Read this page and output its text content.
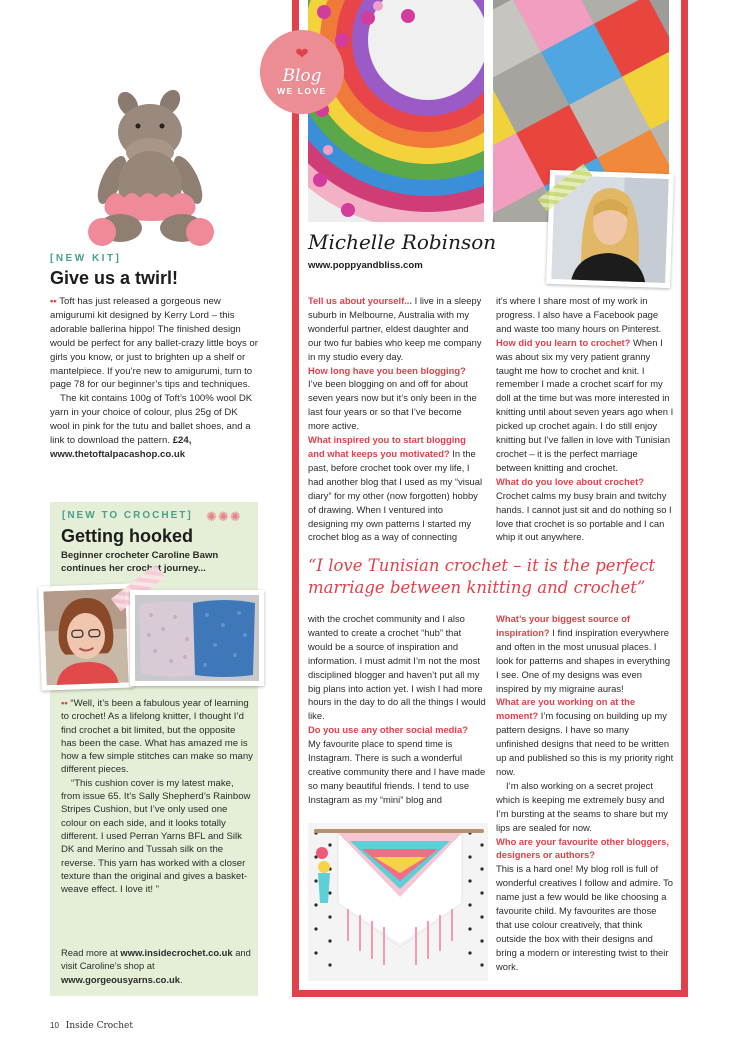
[NEW KIT]
Give us a twirl!

•• Toft has just released a gorgeous new amigurumi kit designed by Kerry Lord – this adorable ballerina hippo! The finished design would be perfect for any ballet-crazy little boys or girls you know, or just to brighten up a shelf or mantelpiece. If you’re new to amigurumi, turn to page 78 for our beginner’s tips and techniques.

The kit contains 100g of Toft’s 100% wool DK yarn in your choice of colour, plus 25g of DK wool in pink for the tutu and ballet shoes, and a link to download the pattern. £24, www.thetoftalpacashop.co.uk

[NEW TO CROCHET] ✺✺✺
Getting hooked
Beginner crocheter Caroline Bawn continues her crochet journey...

•• “Well, it’s been a fabulous year of learning to crochet! As a lifelong knitter, I thought I’d find crochet a bit limited, but the opposite has been the case. What has amazed me is how a few simple stitches can make so many different pieces.

“This cushion cover is my latest make, from issue 65. It’s Sally Shepherd’s Rainbow Stripes Cushion, but I’ve only used one colour on each side, and it looks totally different. I used Perran Yarns BFL and Silk DK and Merino and Tussah silk on the reverse. This yarn has worked with a closer texture than the original and gives a basket-weave effect. I love it! ”

Read more at www.insidecrochet.co.uk and visit Caroline’s shop at www.gorgeousyarns.co.uk.
❤
Blog
WE LOVE
Michelle Robinson
www.poppyandbliss.com

Tell us about yourself... I live in a sleepy suburb in Melbourne, Australia with my wonderful partner, eldest daughter and our two fur babies who keep me company in my studio every day.

How long have you been blogging?

I’ve been blogging on and off for about seven years now but it’s only been in the last four years or so that I’ve become more active.

What inspired you to start blogging and what keeps you motivated? In the past, before crochet took over my life, I had another blog that I used as my “visual diary” for my other (now forgotten) hobby of drawing. When I ventured into designing my own patterns I started my crochet blog as a way of connecting

it’s where I share most of my work in progress. I also have a Facebook page and waste too many hours on Pinterest.

How did you learn to crochet? When I was about six my very patient granny taught me how to crochet and knit. I remember I made a crochet scarf for my doll at the time but was more interested in knitting until about seven years ago when I picked up crochet again. I do still enjoy knitting but I’ve fallen in love with Tunisian crochet – it is the perfect marriage between knitting and crochet.

What do you love about crochet?

Crochet calms my busy brain and twitchy hands. I cannot just sit and do nothing so I love that crochet is so portable and I can whip it out anywhere.

“I love Tunisian crochet – it is the perfect marriage between knitting and crochet”

with the crochet community and I also wanted to create a crochet “hub” that would be a source of inspiration and information. I must admit I’m not the most disciplined blogger and haven’t put all my big plans into action yet. I wish I had more hours in the day to do all the things I would like.

Do you use any other social media?

My favourite place to spend time is Instagram. There is such a wonderful creative community there and I have made so many beautiful friends. I tend to use Instagram as my “mini” blog and

What’s your biggest source of inspiration? I find inspiration everywhere and often in the most unusual places. I look for patterns and shapes in everything I see. One of my designs was even inspired by my migraine auras!

What are you working on at the moment? I’m focusing on building up my pattern designs. I have so many unfinished designs that need to be written up and published so this is my priority right now.

I’m also working on a secret project which is keeping me extremely busy and I’m bursting at the seams to share but my lips are sealed for now.

Who are your favourite other bloggers, designers or authors?

This is a hard one! My blog roll is full of wonderful creatives I follow and admire. To name just a few would be like choosing a favourite child. My favourites are those that use colour creatively, that think outside the box with their designs and bring a modern or interesting twist to their work.

10 Inside Crochet
